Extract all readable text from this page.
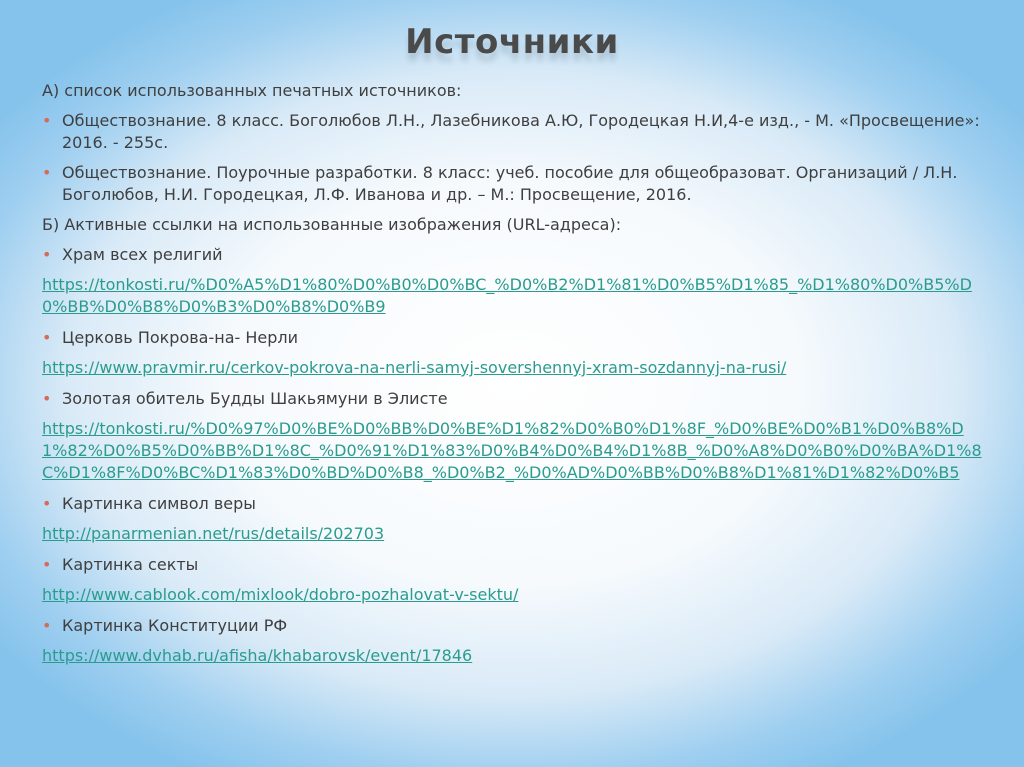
Источники

А) список использованных печатных источников:

• Обществознание. 8 класс. Боголюбов Л.Н., Лазебникова А.Ю, Городецкая Н.И,4-е изд., - М. «Просвещение»: 2016. - 255с.
• Обществознание. Поурочные разработки. 8 класс: учеб. пособие для общеобразоват. Организаций / Л.Н. Боголюбов, Н.И. Городецкая, Л.Ф. Иванова и др. – М.: Просвещение, 2016.

Б) Активные ссылки на использованные изображения (URL-адреса):

• Храм всех религий
https://tonkosti.ru/%D0%A5%D1%80%D0%B0%D0%BC_%D0%B2%D1%81%D0%B5%D1%85_%D1%80%D0%B5%D0%BB%D0%B8%D0%B3%D0%B8%D0%B9
• Церковь Покрова-на- Нерли
https://www.pravmir.ru/cerkov-pokrova-na-nerli-samyj-sovershennyj-xram-sozdannyj-na-rusi/
• Золотая обитель Будды Шакьямуни в Элисте
https://tonkosti.ru/%D0%97%D0%BE%D0%BB%D0%BE%D1%82%D0%B0%D1%8F_%D0%BE%D0%B1%D0%B8%D1%82%D0%B5%D0%BB%D1%8C_%D0%91%D1%83%D0%B4%D0%B4%D1%8B_%D0%A8%D0%B0%D0%BA%D1%8C%D1%8F%D0%BC%D1%83%D0%BD%D0%B8_%D0%B2_%D0%AD%D0%BB%D0%B8%D1%81%D1%82%D0%B5
• Картинка символ веры
http://panarmenian.net/rus/details/202703
• Картинка секты
http://www.cablook.com/mixlook/dobro-pozhalovat-v-sektu/
• Картинка Конституции РФ
https://www.dvhab.ru/afisha/khabarovsk/event/17846
